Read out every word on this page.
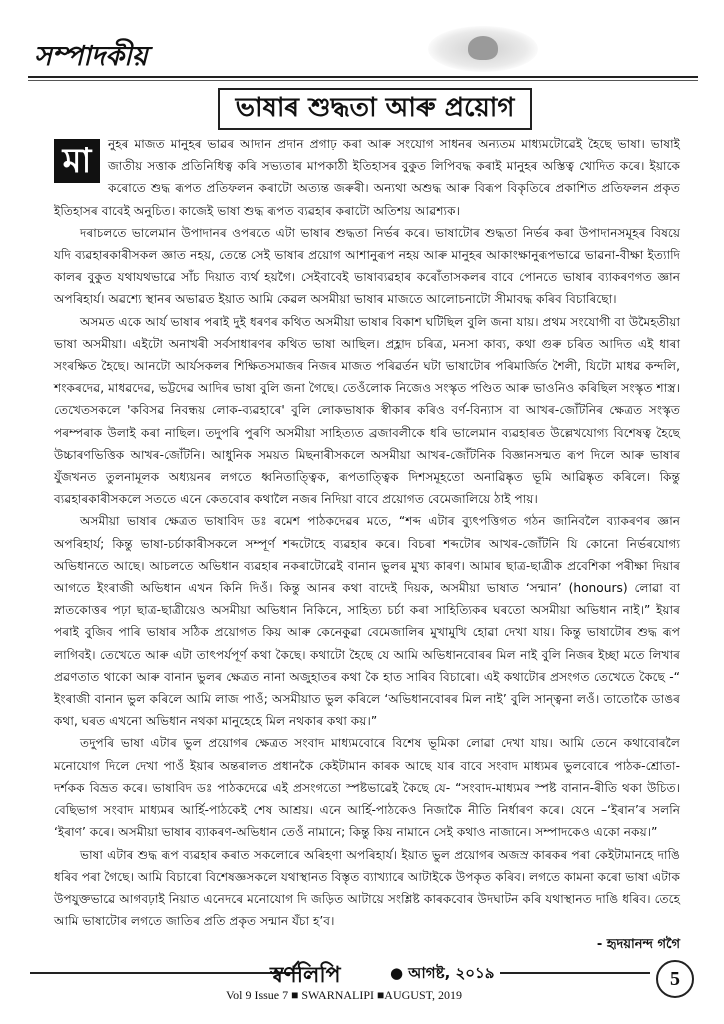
সম্পাদকীয়
ভাষাৰ শুদ্ধতা আৰু প্ৰয়োগ
মা	নুহৰ মাজত মানুহৰ ভাৱৰ আদান প্ৰদান প্ৰগাঢ় কৰা আৰু সংযোগ সাধনৰ অন্যতম মাধ্যমটোৱেই হৈছে ভাষা। ভাষাই জাতীয় সত্তাক প্ৰতিনিধিত্ব কৰি সভ্যতাৰ মাপকাঠী ইতিহাসৰ বুকুত লিপিবদ্ধ কৰাই মানুহৰ অস্তিত্ব খোদিত কৰে। ইয়াকে কৰোতে শুদ্ধ ৰূপত প্ৰতিফলন কৰাটো অত্যন্ত জৰুৰী। অন্যথা অশুদ্ধ আৰু বিৰূপ বিকৃতিৰে প্ৰকাশিত প্ৰতিফলন প্ৰকৃত ইতিহাসৰ বাবেই অনুচিত। কাজেই ভাষা শুদ্ধ ৰূপত ব্যৱহাৰ কৰাটো অতিশয় আৱশ্যক।

দৰাচলতে ভালেমান উপাদানৰ ওপৰতে এটা ভাষাৰ শুদ্ধতা নিৰ্ভৰ কৰে। ভাষাটোৰ শুদ্ধতা নিৰ্ভৰ কৰা উপাদানসমূহৰ বিষয়ে যদি ব্যৱহাৰকাৰীসকল জ্ঞাত নহয়, তেন্তে সেই ভাষাৰ প্ৰয়োগ আশানুৰূপ নহয় আৰু মানুহৰ আকাংক্ষানুৰূপভাৱে ভাৱনা-বীক্ষা ইত্যাদি কালৰ বুকুত যথাযথভাৱে সাঁচ দিয়াত ব্যৰ্থ হয়গৈ। সেইবাবেই ভাষাব্যৱহাৰ কৰোঁতাসকলৰ বাবে পোনতে ভাষাৰ ব্যাকৰণগত জ্ঞান অপৰিহাৰ্য। অৱশ্যে স্থানৰ অভাৱত ইয়াত আমি কেৱল অসমীয়া ভাষাৰ মাজতে আলোচনাটো সীমাবদ্ধ কৰিব বিচাৰিছো।

অসমত একে আৰ্য ভাষাৰ পৰাই দুই ধৰণৰ কথিত অসমীয়া ভাষাৰ বিকাশ ঘটিছিল বুলি জনা যায়। প্ৰথম সংযোগী বা উমৈহতীয়া ভাষা অসমীয়া। এইটো অনাখৰী সৰ্বসাধাৰণৰ কথিত ভাষা আছিল। প্ৰহ্লাদ চৰিত্ৰ, মনসা কাব্য, কথা গুৰু চৰিত আদিত এই ধাৰা সংৰক্ষিত হৈছে। আনটো আৰ্যসকলৰ শিক্ষিতসমাজৰ নিজৰ মাজত পৰিৱৰ্তন ঘটা ভাষাটোৰ পৰিমাৰ্জিত শৈলী, যিটো মাধৱ কন্দলি, শংকৰদেৱ, মাধৱদেৱ, ভট্টদেৱ আদিৰ ভাষা বুলি জনা গৈছে। তেওঁলোক নিজেও সংস্কৃত পণ্ডিত আৰু ভাওনিও কৰিছিল সংস্কৃত শাস্ত্ৰ। তেখেতসকলে 'কবিসৱ নিবন্ধয় লোক-ব্যৱহাৰে' বুলি লোকভাষাক স্বীকাৰ কৰিও বৰ্ণ-বিন্যাস বা আখৰ-জোঁটনিৰ ক্ষেত্ৰত সংস্কৃত পৰম্পৰাক উলাই কৰা নাছিল। তদুপৰি পুৰণি অসমীয়া সাহিত্যত ব্ৰজাবলীকে ধৰি ভালেমান ব্যৱহাৰত উল্লেখযোগ্য বিশেষত্ব হৈছে উচ্চাৰণভিত্তিক আখৰ-জোঁটনি। আধুনিক সময়ত মিছনাৰীসকলে অসমীয়া আখৰ-জোঁটনিক বিজ্ঞানসন্মত ৰূপ দিলে আৰু ভাষাৰ যুঁজখনত তুলনামূলক অধ্যয়নৰ লগতে ধ্বনিতাত্ত্বিক, ৰূপতাত্ত্বিক দিশসমূহতো অনাৱিষ্কৃত ভূমি আৱিষ্কৃত কৰিলে। কিন্তু ব্যৱহাৰকাৰীসকলে সততে এনে কেতবোৰ কথালৈ নজৰ নিদিয়া বাবে প্ৰয়োগত বেমেজালিয়ে ঠাই পায়।

অসমীয়া ভাষাৰ ক্ষেত্ৰত ভাষাবিদ ডঃ ৰমেশ পাঠকদেৱৰ মতে, “শব্দ এটাৰ ব্যুৎপত্তিগত গঠন জানিবলৈ ব্যাকৰণৰ জ্ঞান অপৰিহাৰ্য; কিন্তু ভাষা-চৰ্চাকাৰীসকলে সম্পূৰ্ণ শব্দটোহে ব্যৱহাৰ কৰে। বিচৰা শব্দটোৰ আখৰ-জোঁটনি যি কোনো নিৰ্ভৰযোগ্য অভিধানতে আছে। আচলতে অভিধান ব্যৱহাৰ নকৰাটোৱেই বানান ভুলৰ মুখ্য কাৰণ। আমাৰ ছাত্ৰ-ছাত্ৰীক প্ৰবেশিকা পৰীক্ষা দিয়াৰ আগতে ইংৰাজী অভিধান এখন কিনি দিওঁ। কিন্তু আনৰ কথা বাদেই দিয়ক, অসমীয়া ভাষাত ‘সন্মান’ (honours) লোৱা বা স্নাতকোত্তৰ পঢ়া ছাত্ৰ-ছাত্ৰীয়েও অসমীয়া অভিধান নিকিনে, সাহিত্য চৰ্চা কৰা সাহিত্যিকৰ ঘৰতো অসমীয়া অভিধান নাই।” ইয়াৰ পৰাই বুজিব পাৰি ভাষাৰ সঠিক প্ৰয়োগত কিয় আৰু কেনেকুৱা বেমেজালিৰ মুখামুখি হোৱা দেখা যায়। কিন্তু ভাষাটোৰ শুদ্ধ ৰূপ লাগিবই। তেখেতে আৰু এটা তাৎপৰ্যপূৰ্ণ কথা কৈছে। কথাটো হৈছে যে আমি অভিধানবোৰৰ মিল নাই বুলি নিজৰ ইচ্ছা মতে লিখাৰ প্ৰৱণতাত থাকো আৰু বানান ভুলৰ ক্ষেত্ৰত নানা অজুহাতৰ কথা কৈ হাত সাৰিব বিচাৰো। এই কথাটোৰ প্ৰসংগত তেখেতে কৈছে -“ ইংৰাজী বানান ভুল কৰিলে আমি লাজ পাওঁ; অসমীয়াত ভুল কৰিলে ‘অভিধানবোৰৰ মিল নাই’ বুলি সান্ত্বনা লওঁ। তাতোকৈ ডাঙৰ কথা, ঘৰত এখনো অভিধান নথকা মানুহেহে মিল নথকাৰ কথা কয়।”

তদুপৰি ভাষা এটাৰ ভুল প্ৰয়োগৰ ক্ষেত্ৰত সংবাদ মাধ্যমবোৰে বিশেষ ভূমিকা লোৱা দেখা যায়। আমি তেনে কথাবোৰলৈ মনোযোগ দিলে দেখা পাওঁ ইয়াৰ অন্তৰালত প্ৰধানকৈ কেইটামান কাৰক আছে যাৰ বাবে সংবাদ মাধ্যমৰ ভুলবোৰে পাঠক-শ্ৰোতা-দৰ্শকক বিভ্ৰত কৰে। ভাষাবিদ ডঃ পাঠকদেৱে এই প্ৰসংগতো স্পষ্টভাৱেই কৈছে যে- “সংবাদ-মাধ্যমৰ স্পষ্ট বানান-ৰীতি থকা উচিত। বেছিভাগ সংবাদ মাধ্যমৰ আৰ্হি-পাঠকেই শেষ আশ্ৰয়। এনে আৰ্হি-পাঠকেও নিজাকৈ নীতি নিৰ্ধাৰণ কৰে। যেনে –‘ইৰান’ৰ সলনি ‘ইৰাণ’ কৰে। অসমীয়া ভাষাৰ ব্যাকৰণ-অভিধান তেওঁ নামানে; কিন্তু কিয় নামানে সেই কথাও নাজানে। সম্পাদকেও একো নকয়।”

ভাষা এটাৰ শুদ্ধ ৰূপ ব্যৱহাৰ কৰাত সকলোৰে অৰিহণা অপৰিহাৰ্য। ইয়াত ভুল প্ৰয়োগৰ অজস্ৰ কাৰকৰ পৰা কেইটামানহে দাঙি ধৰিব পৰা গৈছে। আমি বিচাৰো বিশেষজ্ঞসকলে যথাস্থানত বিস্তৃত ব্যাখ্যাৰে আটাইকে উপকৃত কৰিব। লগতে কামনা কৰো ভাষা এটাক উপযুক্তভাৱে আগবঢ়াই নিয়াত এনেদৰে মনোযোগ দি জড়িত আটায়ে সংশ্লিষ্ট কাৰকবোৰ উদঘাটন কৰি যথাস্থানত দাঙি ধৰিব। তেহে আমি ভাষাটোৰ লগতে জাতিৰ প্ৰতি প্ৰকৃত সন্মান যঁচা হ’ব।

- হৃদয়ানন্দ গগৈ
স্বৰ্ণলিপি	● আগষ্ট, ২০১৯
Vol 9 Issue 7 ■ SWARNALIPI ■AUGUST, 2019
5
